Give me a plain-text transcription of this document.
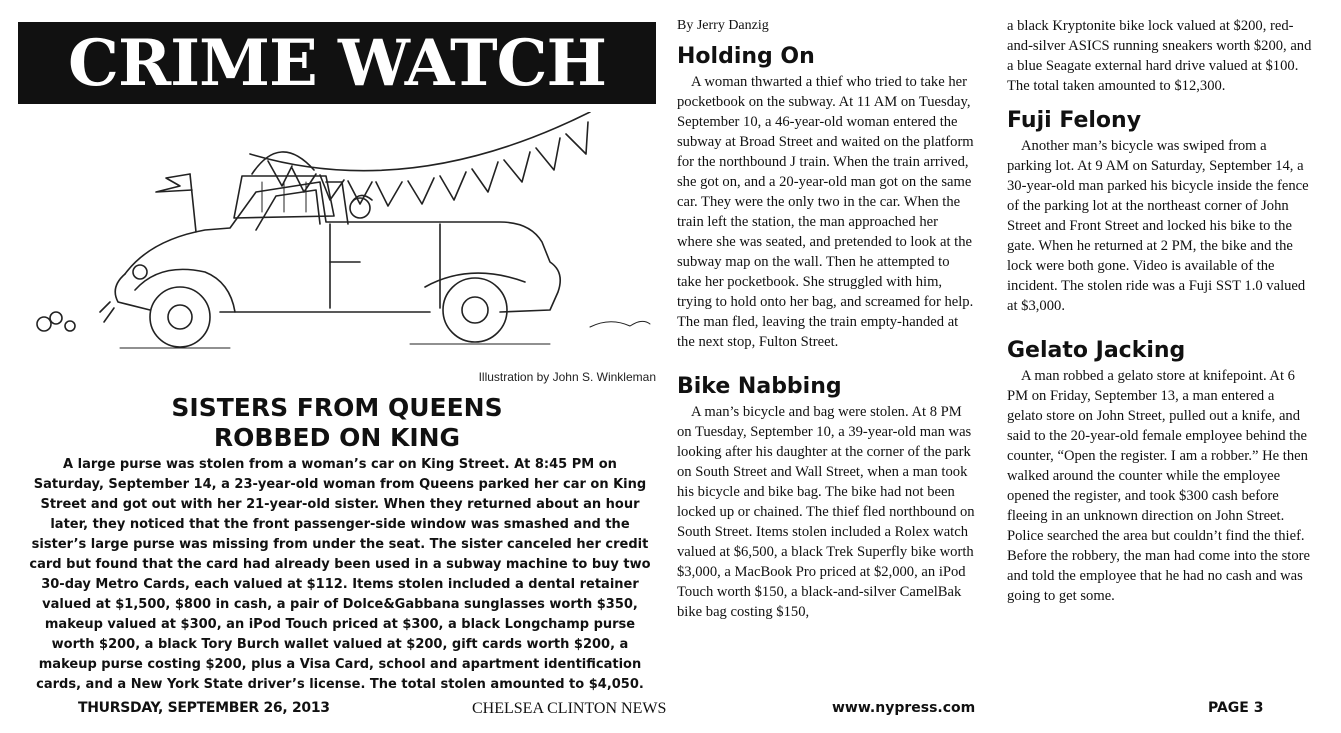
CRIME WATCH
Illustration by John S. Winkleman
SISTERS FROM QUEENS
ROBBED ON KING
A large purse was stolen from a woman’s car on King Street. At 8:45 PM on Saturday, September 14, a 23-year-old woman from Queens parked her car on King Street and got out with her 21-year-old sister. When they returned about an hour later, they noticed that the front passenger-side window was smashed and the sister’s large purse was missing from under the seat. The sister canceled her credit card but found that the card had already been used in a subway machine to buy two 30-day Metro Cards, each valued at $112. Items stolen included a dental retainer valued at $1,500, $800 in cash, a pair of Dolce&Gabbana sunglasses worth $350, makeup valued at $300, an iPod Touch priced at $300, a black Longchamp purse worth $200, a black Tory Burch wallet valued at $200, gift cards worth $200, a makeup purse costing $200, plus a Visa Card, school and apartment identification cards, and a New York State driver’s license. The total stolen amounted to $4,050.
By Jerry Danzig
Holding On

A woman thwarted a thief who tried to take her pocketbook on the subway. At 11 AM on Tuesday, September 10, a 46-year-old woman entered the subway at Broad Street and waited on the platform for the northbound J train. When the train arrived, she got on, and a 20-year-old man got on the same car. They were the only two in the car. When the train left the station, the man approached her where she was seated, and pretended to look at the subway map on the wall. Then he attempted to take her pocketbook. She struggled with him, trying to hold onto her bag, and screamed for help. The man fled, leaving the train empty-handed at the next stop, Fulton Street.

Bike Nabbing

A man’s bicycle and bag were stolen. At 8 PM on Tuesday, September 10, a 39-year-old man was looking after his daughter at the corner of the park on South Street and Wall Street, when a man took his bicycle and bike bag. The bike had not been locked up or chained. The thief fled northbound on South Street. Items stolen included a Rolex watch valued at $6,500, a black Trek Superfly bike worth $3,000, a MacBook Pro priced at $2,000, an iPod Touch worth $150, a black-and-silver CamelBak bike bag costing $150,

a black Kryptonite bike lock valued at $200, red-and-silver ASICS running sneakers worth $200, and a blue Seagate external hard drive valued at $100. The total taken amounted to $12,300.

Fuji Felony

Another man’s bicycle was swiped from a parking lot. At 9 AM on Saturday, September 14, a 30-year-old man parked his bicycle inside the fence of the parking lot at the northeast corner of John Street and Front Street and locked his bike to the gate. When he returned at 2 PM, the bike and the lock were both gone. Video is available of the incident. The stolen ride was a Fuji SST 1.0 valued at $3,000.

Gelato Jacking

A man robbed a gelato store at knifepoint. At 6 PM on Friday, September 13, a man entered a gelato store on John Street, pulled out a knife, and said to the 20-year-old female employee behind the counter, “Open the register. I am a robber.” He then walked around the counter while the employee opened the register, and took $300 cash before fleeing in an unknown direction on John Street. Police searched the area but couldn’t find the thief. Before the robbery, the man had come into the store and told the employee that he had no cash and was going to get some.

THURSDAY, SEPTEMBER 26, 2013	CHELSEA CLINTON NEWS	www.nypress.com	PAGE 3
